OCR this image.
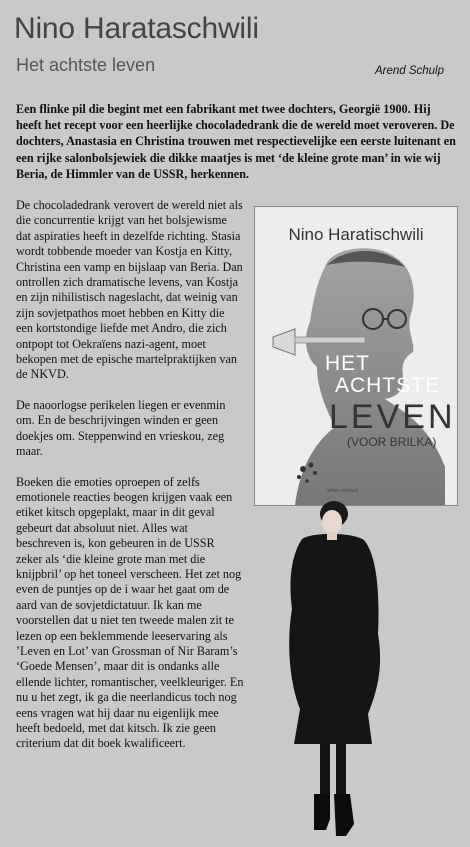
Nino Harataschwili
Het achtste leven	Arend Schulp
Een flinke pil die begint met een fabrikant met twee dochters, Georgië 1900. Hij heeft het recept voor een heerlijke chocoladedrank die de wereld moet veroveren. De dochters, Anastasia en Christina trouwen met respectievelijke een eerste luitenant en een rijke salonbolsjewiek die dikke maatjes is met ‘de kleine grote man’ in wie wij Beria, de Himmler van de USSR, herkennen.

De chocoladedrank verovert de wereld niet als die concurrentie krijgt van het bolsjewisme dat aspiraties heeft in dezelfde richting. Stasia wordt tobbende moeder van Kostja en Kitty, Christina een vamp en bijslaap van Beria. Dan ontrollen zich dramatische levens, van Kostja en zijn nihilistisch nageslacht, dat weinig van zijn sovjetpathos moet hebben en Kitty die een kortstondige liefde met Andro, die zich ontpopt tot Oekraïens nazi-agent, moet bekopen met de epische martelpraktijken van de NKVD.

De naoorlogse perikelen liegen er evenmin om. En de beschrijvingen winden er geen doekjes om. Steppenwind en vrieskou, zeg maar.

Boeken die emoties oproepen of zelfs emotionele reacties beogen krijgen vaak een etiket kitsch opgeplakt, maar in dit geval gebeurt dat absoluut niet. Alles wat beschreven is, kon gebeuren in de USSR zeker als ‘die kleine grote man met die knijpbril’ op het toneel verscheen. Het zet nog even de puntjes op de i waar het gaat om de aard van de sovjetdictatuur. Ik kan me voorstellen dat u niet ten tweede malen zit te lezen op een beklemmende leeservaring als ’Leven en Lot’ van Grossman of Nir Baram’s ‘Goede Mensen’, maar dit is ondanks alle ellende lichter, romantischer, veelkleuriger. En nu u het zegt, ik ga die neerlandicus toch nog eens vragen wat hij daar nu eigenlijk mee heeft bedoeld, met dat kitsch. Ik zie geen criterium dat dit boek kwalificeert.

Nino Haratischwili
HET
ACHTSTE
LEVEN
(VOOR BRILKA)
atlas contact
